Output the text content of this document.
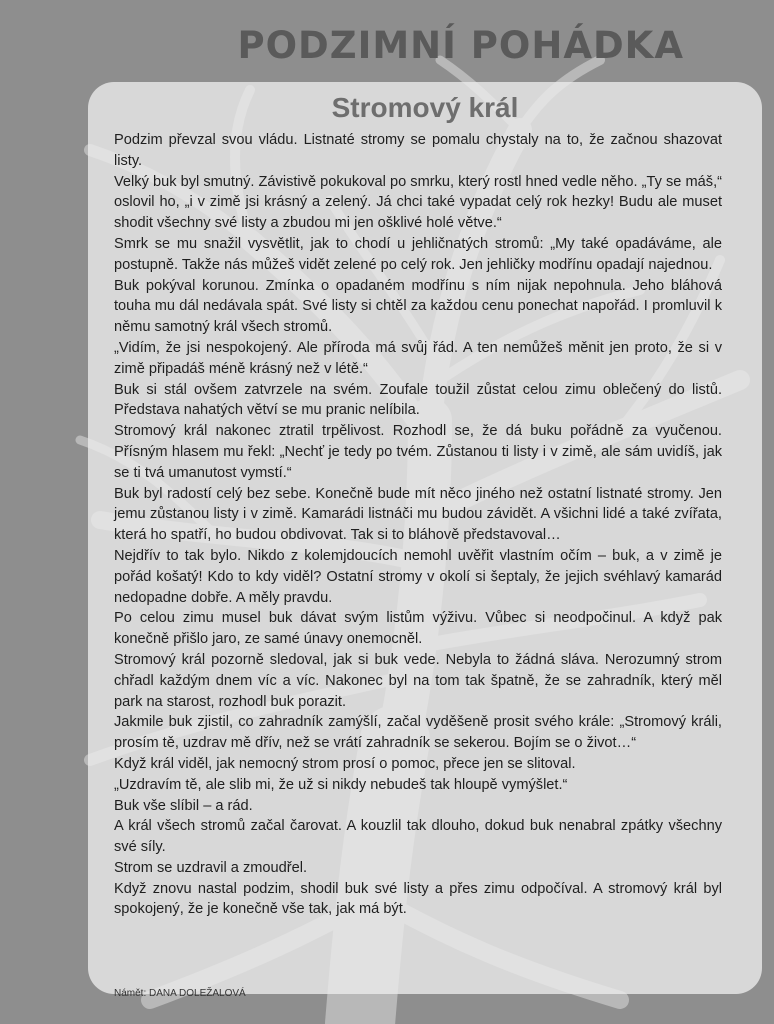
PODZIMNÍ POHÁDKA
Stromový král

Podzim převzal svou vládu. Listnaté stromy se pomalu chystaly na to, že začnou shazovat listy.

Velký buk byl smutný. Závistivě pokukoval po smrku, který rostl hned vedle něho. „Ty se máš,“ oslovil ho, „i v zimě jsi krásný a zelený. Já chci také vypadat celý rok hezky! Budu ale muset shodit všechny své listy a zbudou mi jen ošklivé holé větve.“

Smrk se mu snažil vysvětlit, jak to chodí u jehličnatých stromů: „My také opadáváme, ale postupně. Takže nás můžeš vidět zelené po celý rok. Jen jehličky modřínu opadají najednou.

Buk pokýval korunou. Zmínka o opadaném modřínu s ním nijak nepohnula. Jeho bláhová touha mu dál nedávala spát. Své listy si chtěl za každou cenu ponechat napořád. I promluvil k němu samotný král všech stromů.

„Vidím, že jsi nespokojený. Ale příroda má svůj řád. A ten nemůžeš měnit jen proto, že si v zimě připadáš méně krásný než v létě.“

Buk si stál ovšem zatvrzele na svém. Zoufale toužil zůstat celou zimu oblečený do listů. Představa nahatých větví se mu pranic nelíbila.

Stromový král nakonec ztratil trpělivost. Rozhodl se, že dá buku pořádně za vyučenou. Přísným hlasem mu řekl: „Nechť je tedy po tvém. Zůstanou ti listy i v zimě, ale sám uvidíš, jak se ti tvá umanutost vymstí.“

Buk byl radostí celý bez sebe. Konečně bude mít něco jiného než ostatní listnaté stromy. Jen jemu zůstanou listy i v zimě. Kamarádi listnáči mu budou závidět. A všichni lidé a také zvířata, která ho spatří, ho budou obdivovat. Tak si to bláhově představoval…

Nejdřív to tak bylo. Nikdo z kolemjdoucích nemohl uvěřit vlastním očím – buk, a v zimě je pořád košatý! Kdo to kdy viděl? Ostatní stromy v okolí si šeptaly, že jejich svéhlavý kamarád nedopadne dobře. A měly pravdu.

Po celou zimu musel buk dávat svým listům výživu. Vůbec si neodpočinul. A když pak konečně přišlo jaro, ze samé únavy onemocněl.

Stromový král pozorně sledoval, jak si buk vede. Nebyla to žádná sláva. Nerozumný strom chřadl každým dnem víc a víc. Nakonec byl na tom tak špatně, že se zahradník, který měl park na starost, rozhodl buk porazit.

Jakmile buk zjistil, co zahradník zamýšlí, začal vyděšeně prosit svého krále: „Stromový králi, prosím tě, uzdrav mě dřív, než se vrátí zahradník se sekerou. Bojím se o život…“

Když král viděl, jak nemocný strom prosí o pomoc, přece jen se slitoval.

„Uzdravím tě, ale slib mi, že už si nikdy nebudeš tak hloupě vymýšlet.“

Buk vše slíbil – a rád.

A král všech stromů začal čarovat. A kouzlil tak dlouho, dokud buk nenabral zpátky všechny své síly.

Strom se uzdravil a zmoudřel.

Když znovu nastal podzim, shodil buk své listy a přes zimu odpočíval. A stromový král byl spokojený, že je konečně vše tak, jak má být.

Námět: DANA DOLEŽALOVÁ
